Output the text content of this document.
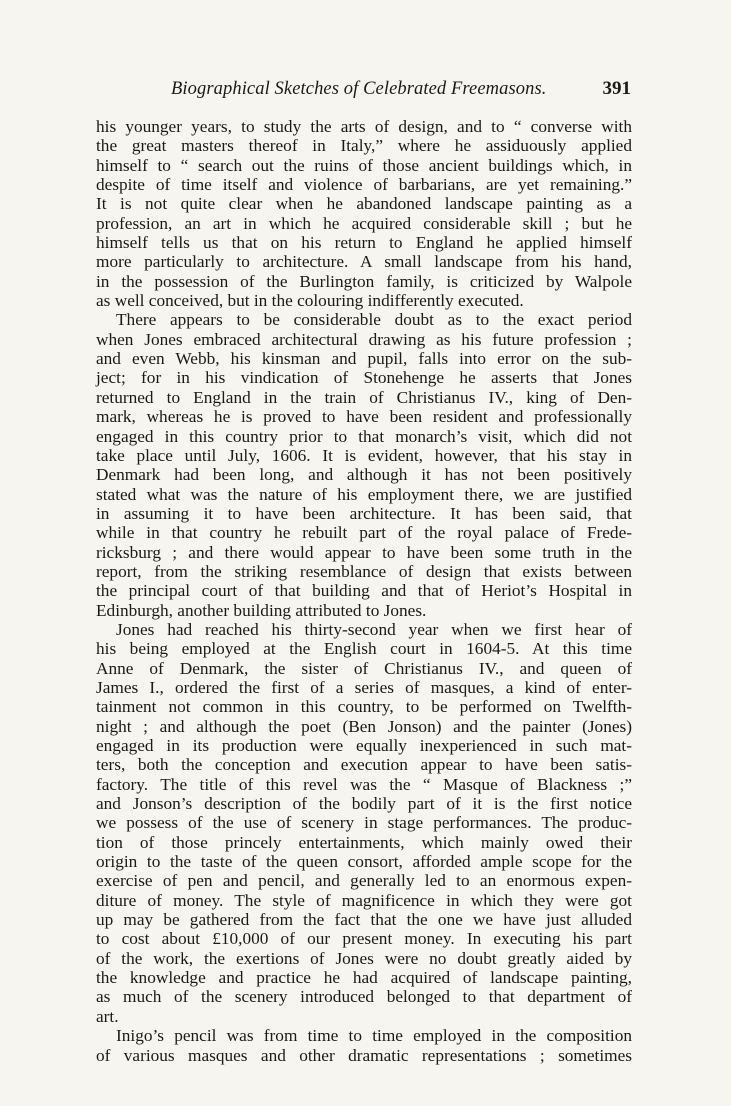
Biographical Sketches of Celebrated Freemasons.	391
his younger years, to study the arts of design, and to “ converse with
the great masters thereof in Italy,” where he assiduously applied
himself to “ search out the ruins of those ancient buildings which, in
despite of time itself and violence of barbarians, are yet remaining.”
It is not quite clear when he abandoned landscape painting as a
profession, an art in which he acquired considerable skill ; but he
himself tells us that on his return to England he applied himself
more particularly to architecture. A small landscape from his hand,
in the possession of the Burlington family, is criticized by Walpole
as well conceived, but in the colouring indifferently executed.
There appears to be considerable doubt as to the exact period
when Jones embraced architectural drawing as his future profession ;
and even Webb, his kinsman and pupil, falls into error on the sub-
ject; for in his vindication of Stonehenge he asserts that Jones
returned to England in the train of Christianus IV., king of Den-
mark, whereas he is proved to have been resident and professionally
engaged in this country prior to that monarch’s visit, which did not
take place until July, 1606. It is evident, however, that his stay in
Denmark had been long, and although it has not been positively
stated what was the nature of his employment there, we are justified
in assuming it to have been architecture. It has been said, that
while in that country he rebuilt part of the royal palace of Frede-
ricksburg ; and there would appear to have been some truth in the
report, from the striking resemblance of design that exists between
the principal court of that building and that of Heriot’s Hospital in
Edinburgh, another building attributed to Jones.
Jones had reached his thirty-second year when we first hear of
his being employed at the English court in 1604-5. At this time
Anne of Denmark, the sister of Christianus IV., and queen of
James I., ordered the first of a series of masques, a kind of enter-
tainment not common in this country, to be performed on Twelfth-
night ; and although the poet (Ben Jonson) and the painter (Jones)
engaged in its production were equally inexperienced in such mat-
ters, both the conception and execution appear to have been satis-
factory. The title of this revel was the “ Masque of Blackness ;”
and Jonson’s description of the bodily part of it is the first notice
we possess of the use of scenery in stage performances. The produc-
tion of those princely entertainments, which mainly owed their
origin to the taste of the queen consort, afforded ample scope for the
exercise of pen and pencil, and generally led to an enormous expen-
diture of money. The style of magnificence in which they were got
up may be gathered from the fact that the one we have just alluded
to cost about £10,000 of our present money. In executing his part
of the work, the exertions of Jones were no doubt greatly aided by
the knowledge and practice he had acquired of landscape painting,
as much of the scenery introduced belonged to that department of
art.
Inigo’s pencil was from time to time employed in the composition
of various masques and other dramatic representations ; sometimes
